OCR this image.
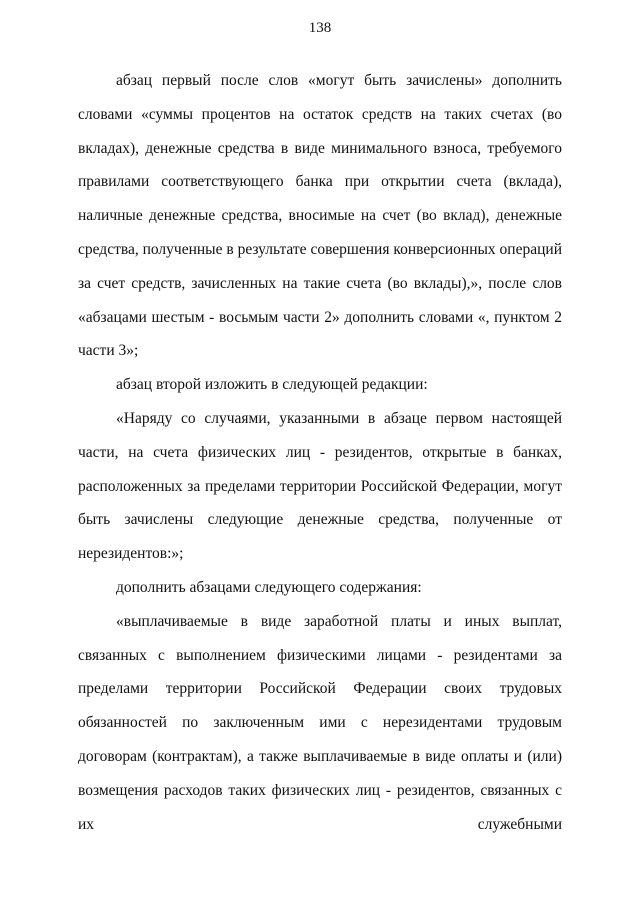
138

абзац первый после слов «могут быть зачислены» дополнить словами «суммы процентов на остаток средств на таких счетах (во вкладах), денежные средства в виде минимального взноса, требуемого правилами соответствующего банка при открытии счета (вклада), наличные денежные средства, вносимые на счет (во вклад), денежные средства, полученные в результате совершения конверсионных операций за счет средств, зачисленных на такие счета (во вклады),», после слов «абзацами шестым - восьмым части 2» дополнить словами «, пунктом 2 части 3»;

абзац второй изложить в следующей редакции:

«Наряду со случаями, указанными в абзаце первом настоящей части, на счета физических лиц - резидентов, открытые в банках, расположенных за пределами территории Российской Федерации, могут быть зачислены следующие денежные средства, полученные от нерезидентов:»;

дополнить абзацами следующего содержания:

«выплачиваемые в виде заработной платы и иных выплат, связанных с выполнением физическими лицами - резидентами за пределами территории Российской Федерации своих трудовых обязанностей по заключенным ими с нерезидентами трудовым договорам (контрактам), а также выплачиваемые в виде оплаты и (или) возмещения расходов таких физических лиц - резидентов, связанных с их служебными
